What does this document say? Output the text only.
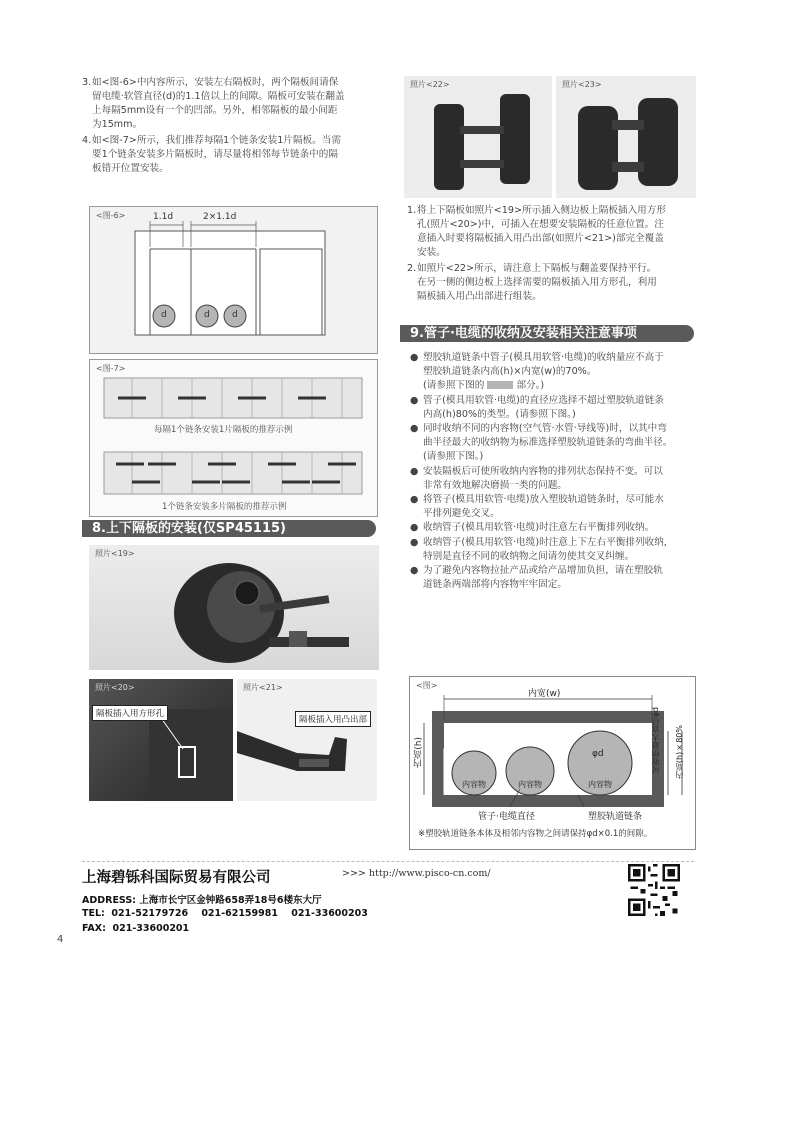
3. 如<图-6>中内容所示，安装左右隔板时，两个隔板间请保
留电缆·软管直径(d)的1.1倍以上的间隙。隔板可安装在翻盖
上每隔5mm设有一个的凹部。另外，相邻隔板的最小间距
为15mm。
4. 如<图-7>所示，我们推荐每隔1个链条安装1片隔板。当需
要1个链条安装多片隔板时，请尽量将相邻每节链条中的隔
板错开位置安装。
<图-6>	1.1d	2×1.1d
d	d d
<图-7>
每隔1个链条安装1片隔板的推荐示例
1个链条安装多片隔板的推荐示例
8.上下隔板的安装(仅SP45115)
照片<19>
照片<20>
隔板插入用方形孔
照片<21>
隔板插入用凸出部
照片<22>	照片<23>
1. 将上下隔板如照片<19>所示插入侧边板上隔板插入用方形
孔(照片<20>)中，可插入在想要安装隔板的任意位置。注
意插入时要将隔板插入用凸出部(如照片<21>)部完全覆盖
安装。
2. 如照片<22>所示，请注意上下隔板与翻盖要保持平行。
在另一侧的侧边板上选择需要的隔板插入用方形孔，利用
隔板插入用凸出部进行组装。
9.管子·电缆的收纳及安装相关注意事项
● 塑胶轨道链条中管子(模具用软管·电缆)的收纳量应不高于
塑胶轨道链条内高(h)×内宽(w)的70%。
(请参照下图的	部分。)
● 管子(模具用软管·电缆)的直径应选择不超过塑胶轨道链条
内高(h)80%的类型。(请参照下图。)
● 同时收纳不同的内容物(空气管·水管·导线等)时，以其中弯
曲半径最大的收纳物为标准选择塑胶轨道链条的弯曲半径。
(请参照下图。)
● 安装隔板后可使所收纳内容物的排列状态保持不变。可以
非常有效地解决磨损一类的问题。
● 将管子(模具用软管·电缆)放入塑胶轨道链条时，尽可能水
平排列避免交叉。
● 收纳管子(模具用软管·电缆)时注意左右平衡排列收纳。
● 收纳管子(模具用软管·电缆)时注意上下左右平衡排列收纳，
特别是直径不同的收纳物之间请勿使其交叉纠缠。
● 为了避免内容物拉扯产品或给产品增加负担，请在塑胶轨
道链条两端部将内容物牢牢固定。
<图>
内宽(w)
内高(h)	可收纳最大直径φd 内高(h)×80%
φd
内容物	内容物	内容物
管子·电缆直径	塑胶轨道链条
※塑胶轨道链条本体及相邻内容物之间请保持φd×0.1的间隙。
上海碧铄科国际贸易有限公司	>>> http://www.pisco-cn.com/
ADDRESS: 上海市长宁区金钟路658弄18号6楼东大厅
TEL:  021-52179726    021-62159981    021-33600203
FAX:  021-33600201
4
